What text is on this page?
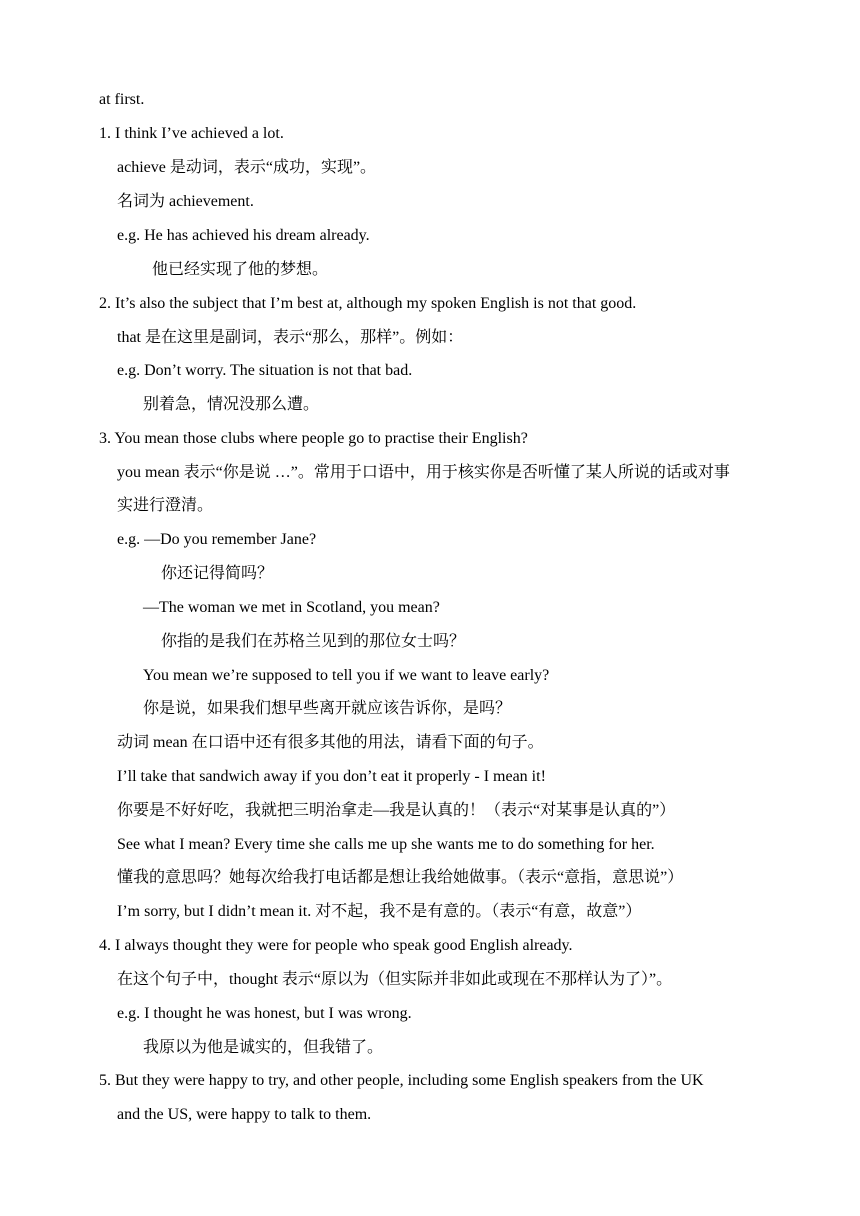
at first.
1. I think I’ve achieved a lot.
achieve 是动词，表示“成功，实现”。
名词为 achievement.
e.g. He has achieved his dream already.
他已经实现了他的梦想。
2. It’s also the subject that I’m best at, although my spoken English is not that good.
that 是在这里是副词，表示“那么，那样”。例如：
e.g. Don’t worry. The situation is not that bad.
别着急，情况没那么遭。
3. You mean those clubs where people go to practise their English?
you mean 表示“你是说 …”。常用于口语中，用于核实你是否听懂了某人所说的话或对事
实进行澄清。
e.g. —Do you remember Jane?
你还记得简吗？
—The woman we met in Scotland, you mean?
你指的是我们在苏格兰见到的那位女士吗？
You mean we’re supposed to tell you if we want to leave early?
你是说，如果我们想早些离开就应该告诉你，是吗？
动词 mean 在口语中还有很多其他的用法，请看下面的句子。
I’ll take that sandwich away if you don’t eat it properly - I mean it!
你要是不好好吃，我就把三明治拿走—我是认真的！（表示“对某事是认真的”）
See what I mean? Every time she calls me up she wants me to do something for her.
懂我的意思吗？她每次给我打电话都是想让我给她做事。（表示“意指，意思说”）
I’m sorry, but I didn’t mean it. 对不起，我不是有意的。（表示“有意，故意”）
4. I always thought they were for people who speak good English already.
在这个句子中，thought 表示“原以为（但实际并非如此或现在不那样认为了）”。
e.g. I thought he was honest, but I was wrong.
我原以为他是诚实的，但我错了。
5. But they were happy to try, and other people, including some English speakers from the UK
and the US, were happy to talk to them.
